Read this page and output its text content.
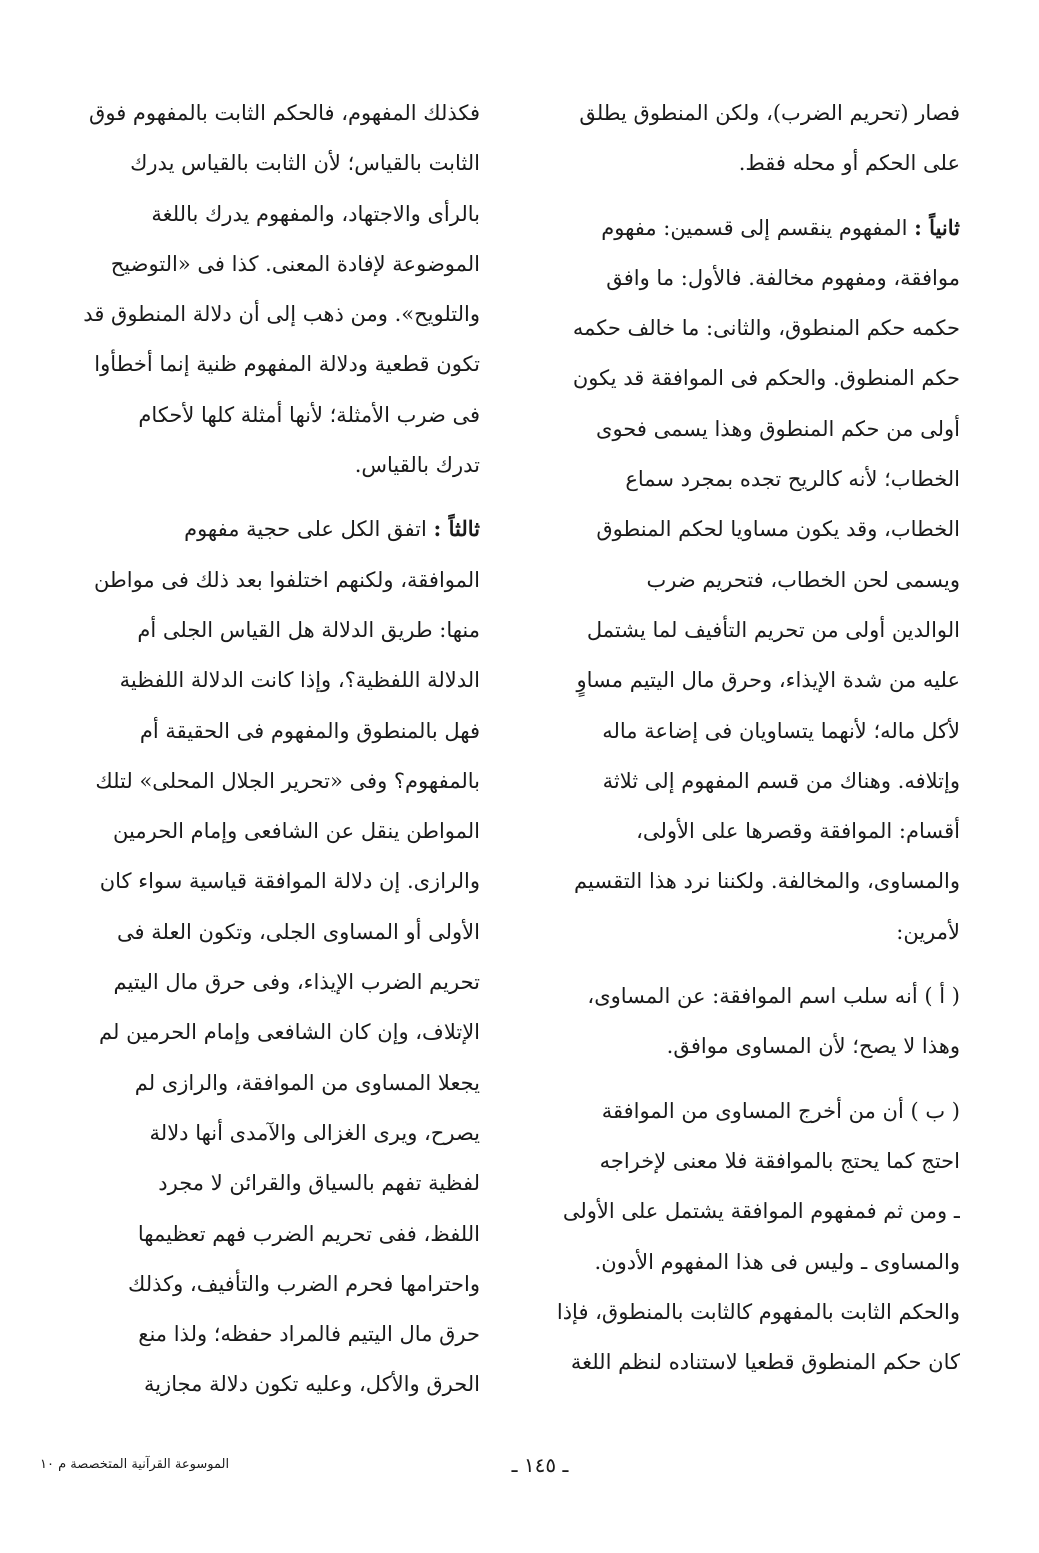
فصار (تحريم الضرب)، ولكن المنطوق يطلق
على الحكم أو محله فقط.
ثانياً : المفهوم ينقسم إلى قسمين: مفهوم
موافقة، ومفهوم مخالفة. فالأول: ما وافق
حكمه حكم المنطوق، والثانى: ما خالف حكمه
حكم المنطوق. والحكم فى الموافقة قد يكون
أولى من حكم المنطوق وهذا يسمى فحوى
الخطاب؛ لأنه كالريح تجده بمجرد سماع
الخطاب، وقد يكون مساويا لحكم المنطوق
ويسمى لحن الخطاب، فتحريم ضرب
الوالدين أولى من تحريم التأفيف لما يشتمل
عليه من شدة الإيذاء، وحرق مال اليتيم مساوٍ
لأكل ماله؛ لأنهما يتساويان فى إضاعة ماله
وإتلافه. وهناك من قسم المفهوم إلى ثلاثة
أقسام: الموافقة وقصرها على الأولى،
والمساوى، والمخالفة. ولكننا نرد هذا التقسيم
لأمرين:
( أ ) أنه سلب اسم الموافقة: عن المساوى،
وهذا لا يصح؛ لأن المساوى موافق.
( ب ) أن من أخرج المساوى من الموافقة
احتج كما يحتج بالموافقة فلا معنى لإخراجه
ـ ومن ثم فمفهوم الموافقة يشتمل على الأولى
والمساوى ـ وليس فى هذا المفهوم الأدون.
والحكم الثابت بالمفهوم كالثابت بالمنطوق، فإذا
كان حكم المنطوق قطعيا لاستناده لنظم اللغة
فكذلك المفهوم، فالحكم الثابت بالمفهوم فوق
الثابت بالقياس؛ لأن الثابت بالقياس يدرك
بالرأى والاجتهاد، والمفهوم يدرك باللغة
الموضوعة لإفادة المعنى. كذا فى «التوضيح
والتلويح». ومن ذهب إلى أن دلالة المنطوق قد
تكون قطعية ودلالة المفهوم ظنية إنما أخطأوا
فى ضرب الأمثلة؛ لأنها أمثلة كلها لأحكام
تدرك بالقياس.
ثالثاً : اتفق الكل على حجية مفهوم
الموافقة، ولكنهم اختلفوا بعد ذلك فى مواطن
منها: طريق الدلالة هل القياس الجلى أم
الدلالة اللفظية؟، وإذا كانت الدلالة اللفظية
فهل بالمنطوق والمفهوم فى الحقيقة أم
بالمفهوم؟ وفى «تحرير الجلال المحلى» لتلك
المواطن ينقل عن الشافعى وإمام الحرمين
والرازى. إن دلالة الموافقة قياسية سواء كان
الأولى أو المساوى الجلى، وتكون العلة فى
تحريم الضرب الإيذاء، وفى حرق مال اليتيم
الإتلاف، وإن كان الشافعى وإمام الحرمين لم
يجعلا المساوى من الموافقة، والرازى لم
يصرح، ويرى الغزالى والآمدى أنها دلالة
لفظية تفهم بالسياق والقرائن لا مجرد
اللفظ، ففى تحريم الضرب فهم تعظيمها
واحترامها فحرم الضرب والتأفيف، وكذلك
حرق مال اليتيم فالمراد حفظه؛ ولذا منع
الحرق والأكل، وعليه تكون دلالة مجازية
ـ ١٤٥ ـ
الموسوعة القرآنية المتخصصة م ١٠
